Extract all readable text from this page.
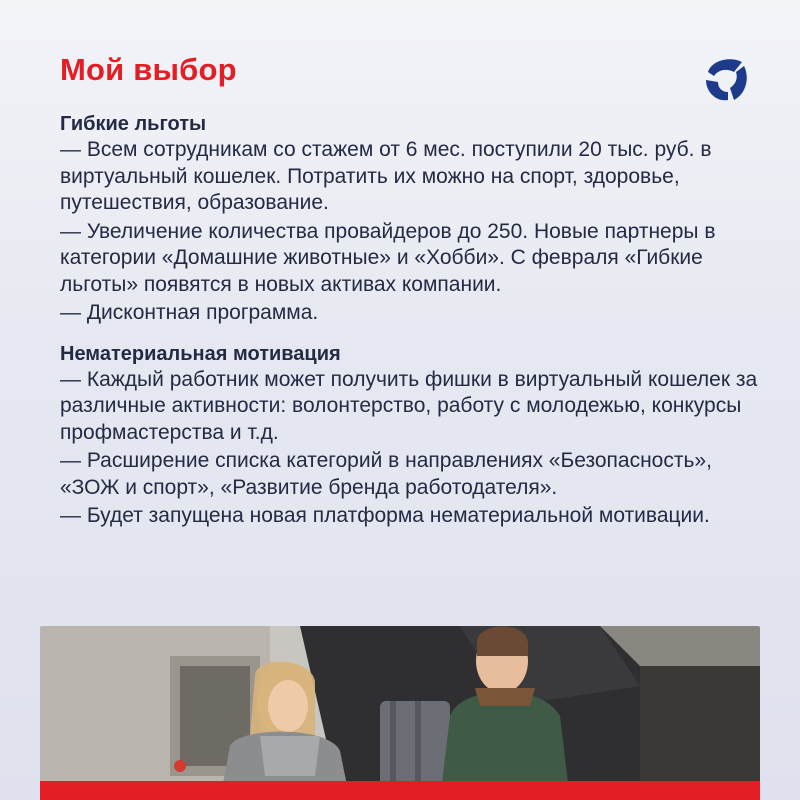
Мой выбор
Гибкие льготы
— Всем сотрудникам со стажем от 6 мес. поступили 20 тыс. руб. в виртуальный кошелек. Потратить их можно на спорт, здоровье, путешествия, образование.
— Увеличение количества провайдеров до 250. Новые партнеры в категории «Домашние животные» и «Хобби». С февраля «Гибкие льготы» появятся в новых активах компании.
— Дисконтная программа.
Нематериальная мотивация
— Каждый работник может получить фишки в виртуальный кошелек за различные активности: волонтерство, работу с молодежью, конкурсы профмастерства и т.д.
— Расширение списка категорий в направлениях «Безопасность», «ЗОЖ и спорт», «Развитие бренда работодателя».
— Будет запущена новая платформа нематериальной мотивации.
